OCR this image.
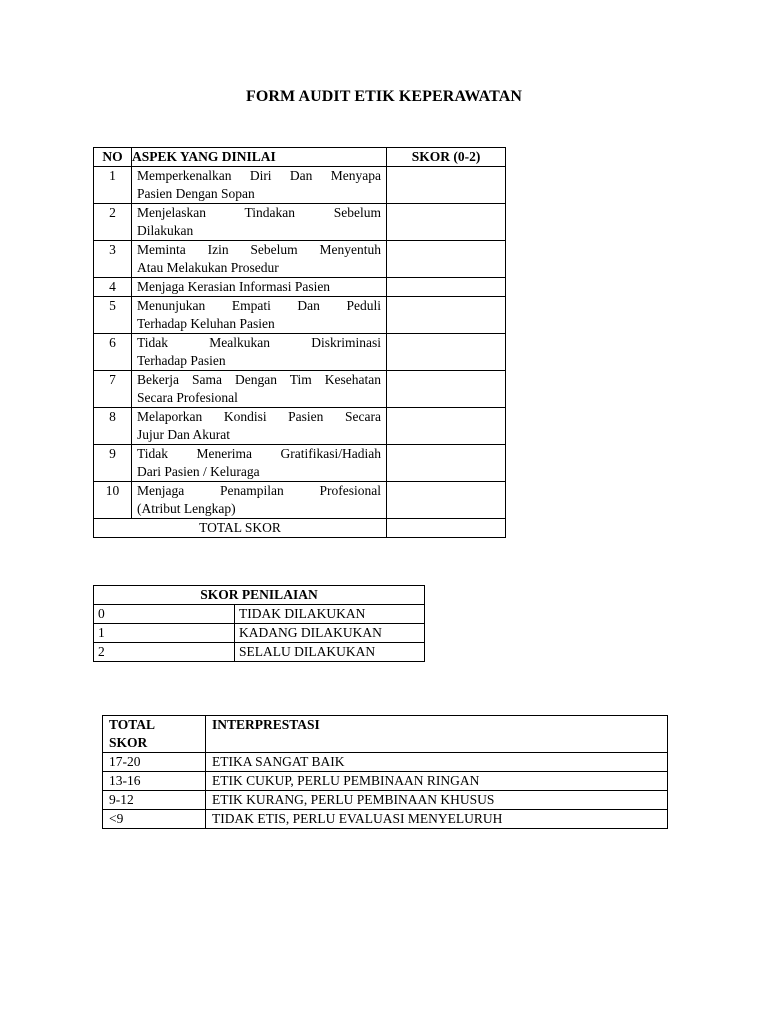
FORM AUDIT ETIK KEPERAWATAN
NO	ASPEK YANG DINILAI	SKOR (0-2)
1	Memperkenalkan Diri Dan Menyapa
Pasien Dengan Sopan	

2	Menjelaskan Tindakan Sebelum
Dilakukan	

3	Meminta Izin Sebelum Menyentuh
Atau Melakukan Prosedur	

4	Menjaga Kerasian Informasi Pasien	

5	Menunjukan Empati Dan Peduli
Terhadap Keluhan Pasien	

6	Tidak Mealkukan Diskriminasi
Terhadap Pasien	

7	Bekerja Sama Dengan Tim Kesehatan
Secara Profesional	

8	Melaporkan Kondisi Pasien Secara
Jujur Dan Akurat	

9	Tidak Menerima Gratifikasi/Hadiah
Dari Pasien / Keluraga	

10	Menjaga Penampilan Profesional
(Atribut Lengkap)	

TOTAL SKOR		
SKOR PENILAIAN	
0	TIDAK DILAKUKAN
1	KADANG DILAKUKAN
2	SELALU DILAKUKAN
TOTAL
SKOR	INTERPRESTASI
17-20	ETIKA SANGAT BAIK
13-16	ETIK CUKUP, PERLU PEMBINAAN RINGAN
9-12	ETIK KURANG, PERLU PEMBINAAN KHUSUS
<9	TIDAK ETIS, PERLU EVALUASI MENYELURUH
